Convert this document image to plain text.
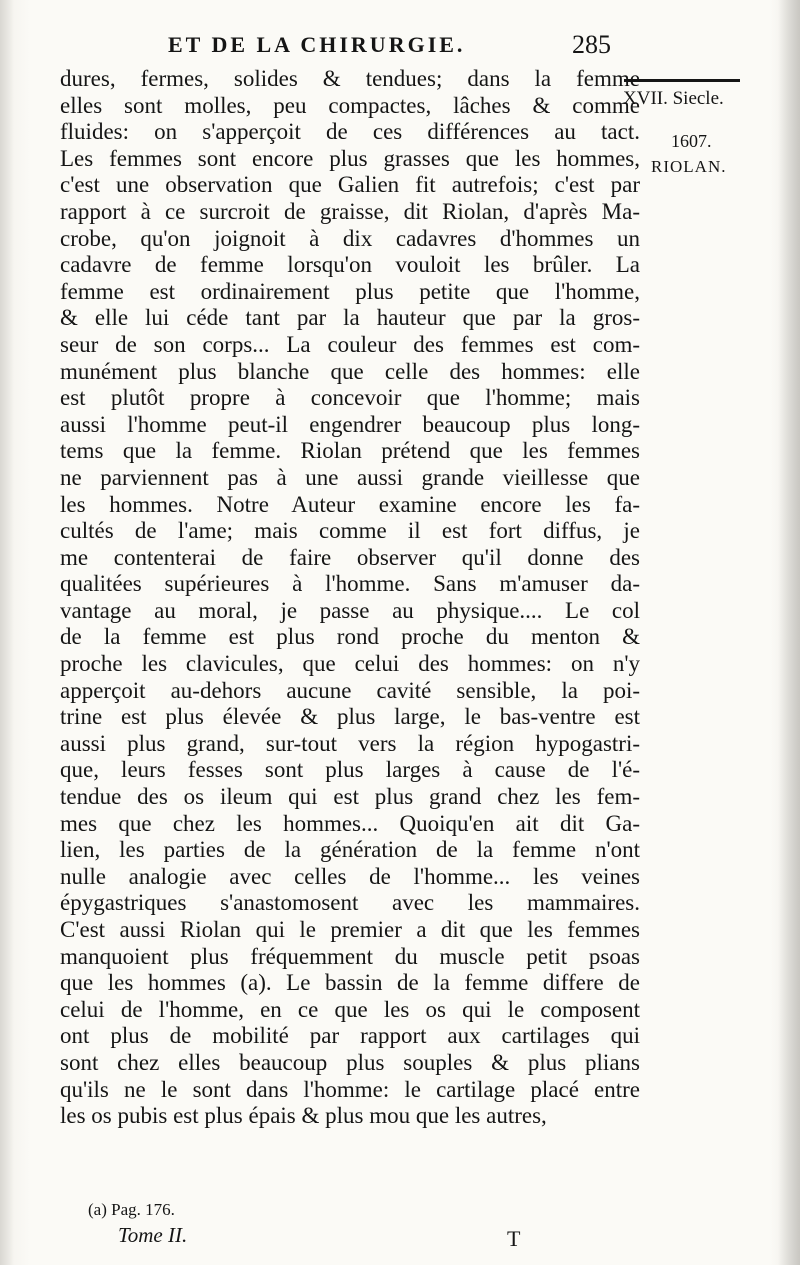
ET DE LA CHIRURGIE.	285
XVII. Siecle.
1607.
RIOLAN.
dures, fermes, solides & tendues; dans la femme
elles sont molles, peu compactes, lâches & comme
fluides: on s'apperçoit de ces différences au tact.
Les femmes sont encore plus grasses que les hommes,
c'est une observation que Galien fit autrefois; c'est par
rapport à ce surcroit de graisse, dit Riolan, d'après Ma-
crobe, qu'on joignoit à dix cadavres d'hommes un
cadavre de femme lorsqu'on vouloit les brûler. La
femme est ordinairement plus petite que l'homme,
& elle lui céde tant par la hauteur que par la gros-
seur de son corps... La couleur des femmes est com-
munément plus blanche que celle des hommes: elle
est plutôt propre à concevoir que l'homme; mais
aussi l'homme peut-il engendrer beaucoup plus long-
tems que la femme. Riolan prétend que les femmes
ne parviennent pas à une aussi grande vieillesse que
les hommes. Notre Auteur examine encore les fa-
cultés de l'ame; mais comme il est fort diffus, je
me contenterai de faire observer qu'il donne des
qualitées supérieures à l'homme. Sans m'amuser da-
vantage au moral, je passe au physique.... Le col
de la femme est plus rond proche du menton &
proche les clavicules, que celui des hommes: on n'y
apperçoit au-dehors aucune cavité sensible, la poi-
trine est plus élevée & plus large, le bas-ventre est
aussi plus grand, sur-tout vers la région hypogastri-
que, leurs fesses sont plus larges à cause de l'é-
tendue des os ileum qui est plus grand chez les fem-
mes que chez les hommes... Quoiqu'en ait dit Ga-
lien, les parties de la génération de la femme n'ont
nulle analogie avec celles de l'homme... les veines
épygastriques s'anastomosent avec les mammaires.
C'est aussi Riolan qui le premier a dit que les femmes
manquoient plus fréquemment du muscle petit psoas
que les hommes (a). Le bassin de la femme differe de
celui de l'homme, en ce que les os qui le composent
ont plus de mobilité par rapport aux cartilages qui
sont chez elles beaucoup plus souples & plus plians
qu'ils ne le sont dans l'homme: le cartilage placé entre
les os pubis est plus épais & plus mou que les autres,
(a) Pag. 176.
Tome II.	T
